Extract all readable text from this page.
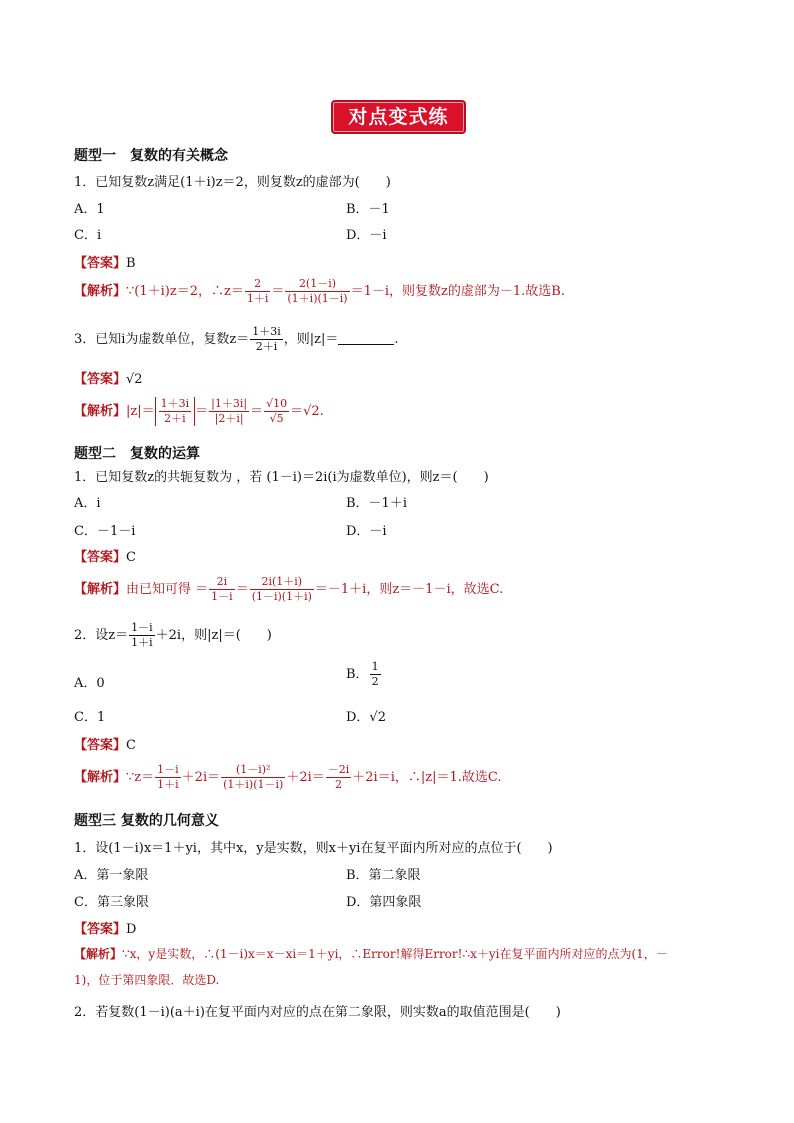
对点变式练
题型一　复数的有关概念
1．已知复数z满足(1＋i)z＝2，则复数z的虚部为(　　)
A．1	B．－1
C．i	D．－i
【答案】B
【解析】∵(1＋i)z＝2，∴z＝ $\frac{2}{1+i} = \frac{2(1-i)}{(1+i)(1-i)} =1-i$，则复数z的虚部为－1.故选B.
3．已知i为虚数单位，复数$z= \frac{1+3i}{2+i}$ ，则|z|＝	.
【答案】√2
【解析】$|z|= \frac{1+3i}{2+i} = \frac{|1+3i|}{|2+i|} = \frac{√10}{√5} =√2$.
题型二　复数的运算
1．已知复数z的共轭复数为 ，若 (1－i)＝2i(i为虚数单位)，则z＝(　　)
A．i	B．－1＋i
C．－1－i	D．－i
【答案】C
【解析】由已知可得 ＝ $\frac{2i}{1-i} = \frac{2i(1+i)}{(1-i)(1+i)} =-1+i$，则z＝－1－i，故选C.
2．设$z= \frac{1-i}{1+i} +2i$，则|z|＝(　　)
A．0
B． $\frac{1}{2}$
C．1	D．√2
【答案】C
【解析】∵z＝ $\frac{1-i}{1+i} +2i= \frac{\text{(1－i)²}}{(1+i)(1-i)} +2i= \frac{-2i}{2} +2i=i$，∴|z|＝1.故选C.
题型三 复数的几何意义
1．设(1－i)x＝1＋yi，其中x，y是实数，则x＋yi在复平面内所对应的点位于(　　)
A．第一象限	B．第二象限
C．第三象限	D．第四象限
【答案】D
【解析】∵x，y是实数，∴(1－i)x＝x－xi＝1＋yi，∴Error!解得Error!∴x＋yi在复平面内所对应的点为(1，－
1)，位于第四象限．故选D.
2．若复数(1－i)(a＋i)在复平面内对应的点在第二象限，则实数a的取值范围是(　　)
